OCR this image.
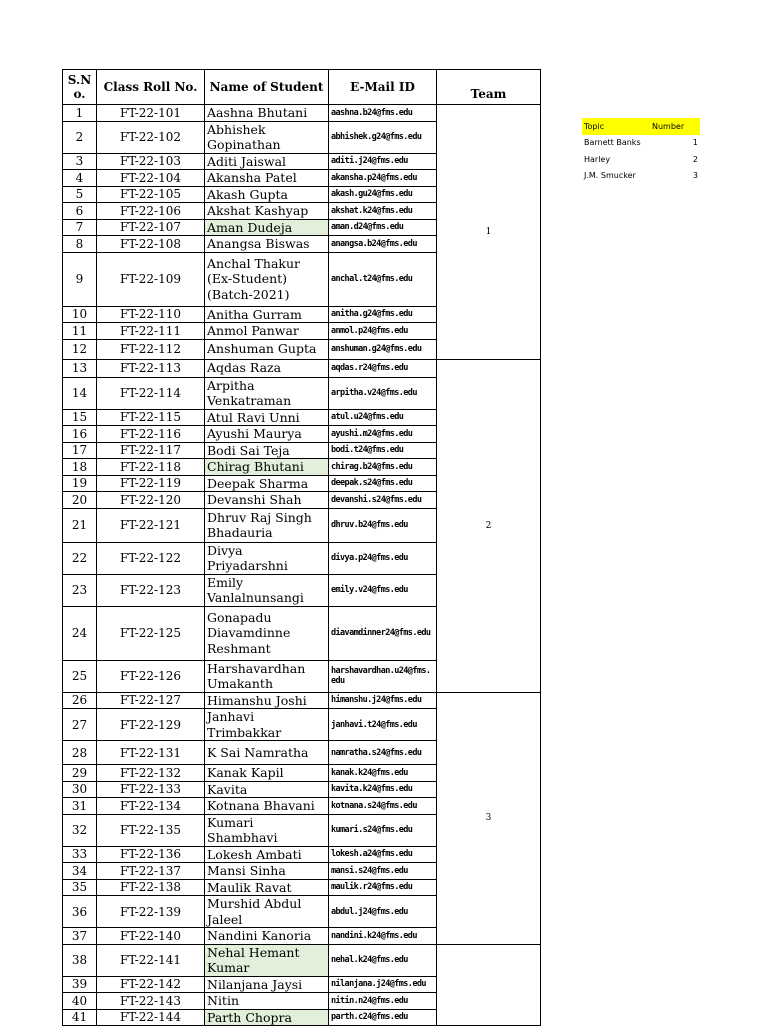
S.N o.	Class Roll No.	Name of Student	E-Mail ID	Team
1	FT-22-101	Aashna Bhutani	aashna.b24@fms.edu	1
2	FT-22-102	Abhishek Gopinathan	abhishek.g24@fms.edu	
3	FT-22-103	Aditi Jaiswal	aditi.j24@fms.edu	
4	FT-22-104	Akansha Patel	akansha.p24@fms.edu	
5	FT-22-105	Akash Gupta	akash.gu24@fms.edu	
6	FT-22-106	Akshat Kashyap	akshat.k24@fms.edu	
7	FT-22-107	Aman Dudeja	aman.d24@fms.edu	
8	FT-22-108	Anangsa Biswas	anangsa.b24@fms.edu	
9	FT-22-109	Anchal Thakur (Ex-Student) (Batch-2021)	anchal.t24@fms.edu	
10	FT-22-110	Anitha Gurram	anitha.g24@fms.edu	
11	FT-22-111	Anmol Panwar	anmol.p24@fms.edu	
12	FT-22-112	Anshuman Gupta	anshuman.g24@fms.edu	
13	FT-22-113	Aqdas Raza	aqdas.r24@fms.edu	2
14	FT-22-114	Arpitha Venkatraman	arpitha.v24@fms.edu	
15	FT-22-115	Atul Ravi Unni	atul.u24@fms.edu	
16	FT-22-116	Ayushi Maurya	ayushi.m24@fms.edu	
17	FT-22-117	Bodi Sai Teja	bodi.t24@fms.edu	
18	FT-22-118	Chirag Bhutani	chirag.b24@fms.edu	
19	FT-22-119	Deepak Sharma	deepak.s24@fms.edu	
20	FT-22-120	Devanshi Shah	devanshi.s24@fms.edu	
21	FT-22-121	Dhruv Raj Singh Bhadauria	dhruv.b24@fms.edu	
22	FT-22-122	Divya Priyadarshni	divya.p24@fms.edu	
23	FT-22-123	Emily Vanlalnunsangi	emily.v24@fms.edu	
24	FT-22-125	Gonapadu Diavamdinne Reshmant	diavamdinner24@fms.edu	
25	FT-22-126	Harshavardhan Umakanth	harshavardhan.u24@fms.edu	
26	FT-22-127	Himanshu Joshi	himanshu.j24@fms.edu	3
27	FT-22-129	Janhavi Trimbakkar	janhavi.t24@fms.edu	
28	FT-22-131	K Sai Namratha	namratha.s24@fms.edu	
29	FT-22-132	Kanak Kapil	kanak.k24@fms.edu	
30	FT-22-133	Kavita	kavita.k24@fms.edu	
31	FT-22-134	Kotnana Bhavani	kotnana.s24@fms.edu	
32	FT-22-135	Kumari Shambhavi	kumari.s24@fms.edu	
33	FT-22-136	Lokesh Ambati	lokesh.a24@fms.edu	
34	FT-22-137	Mansi Sinha	mansi.s24@fms.edu	
35	FT-22-138	Maulik Ravat	maulik.r24@fms.edu	
36	FT-22-139	Murshid Abdul Jaleel	abdul.j24@fms.edu	
37	FT-22-140	Nandini Kanoria	nandini.k24@fms.edu	
38	FT-22-141	Nehal Hemant Kumar	nehal.k24@fms.edu	
39	FT-22-142	Nilanjana Jaysi	nilanjana.j24@fms.edu	
40	FT-22-143	Nitin	nitin.n24@fms.edu	
41	FT-22-144	Parth Chopra	parth.c24@fms.edu	
Topic	Number
Barnett Banks	1
Harley	2
J.M. Smucker	3
